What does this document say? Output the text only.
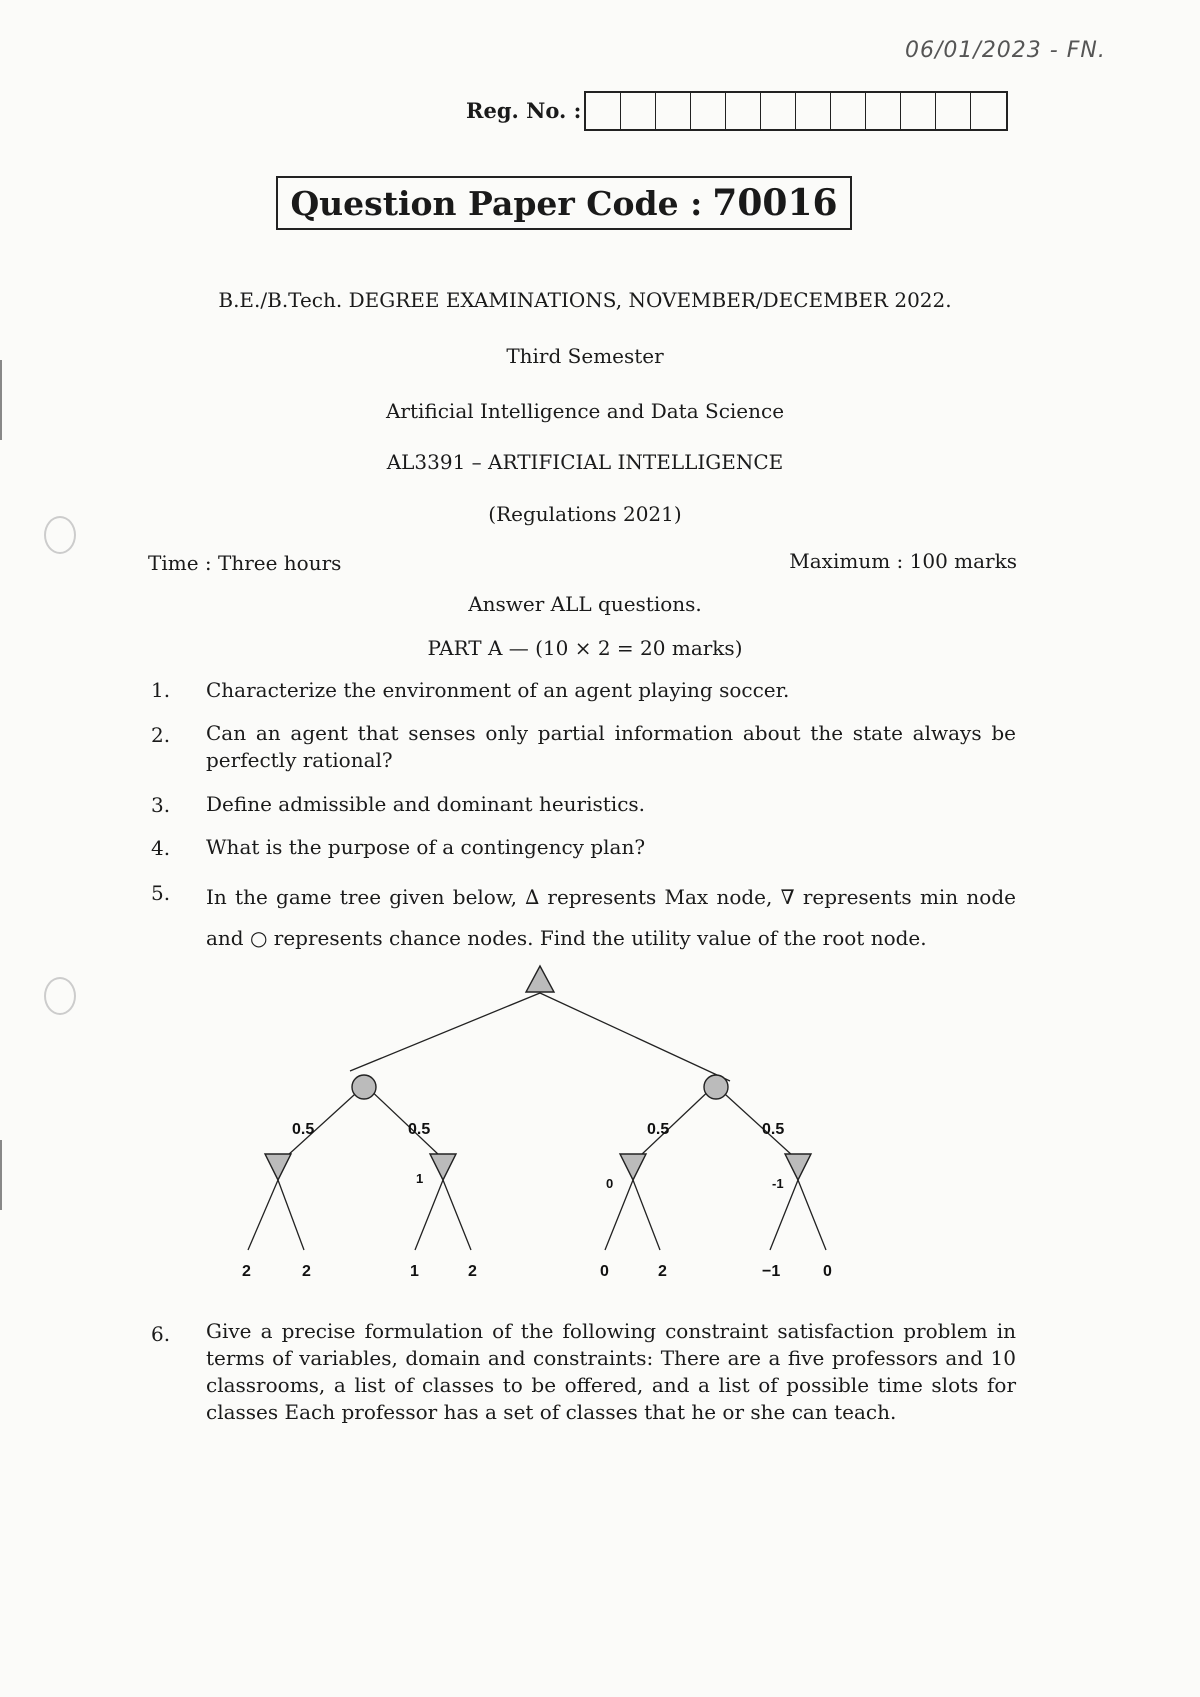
06/01/2023 - FN.
Reg. No. :
Question Paper Code : 70016
B.E./B.Tech. DEGREE EXAMINATIONS, NOVEMBER/DECEMBER 2022.
Third Semester
Artificial Intelligence and Data Science
AL3391 – ARTIFICIAL INTELLIGENCE
(Regulations 2021)
Time : Three hours	Maximum : 100 marks
Answer ALL questions.
PART A — (10 × 2 = 20 marks)
1. Characterize the environment of an agent playing soccer.
2. Can an agent that senses only partial information about the state always be perfectly rational?
3. Define admissible and dominant heuristics.
4. What is the purpose of a contingency plan?
5. In the game tree given below, ∆ represents Max node, ∇ represents min node and ○ represents chance nodes. Find the utility value of the root node.
0.5	0.5	0.5	0.5
1	0	-1
2	2	1	2	0	2	−1	0
6. Give a precise formulation of the following constraint satisfaction problem in terms of variables, domain and constraints: There are a five professors and 10 classrooms, a list of classes to be offered, and a list of possible time slots for classes Each professor has a set of classes that he or she can teach.
